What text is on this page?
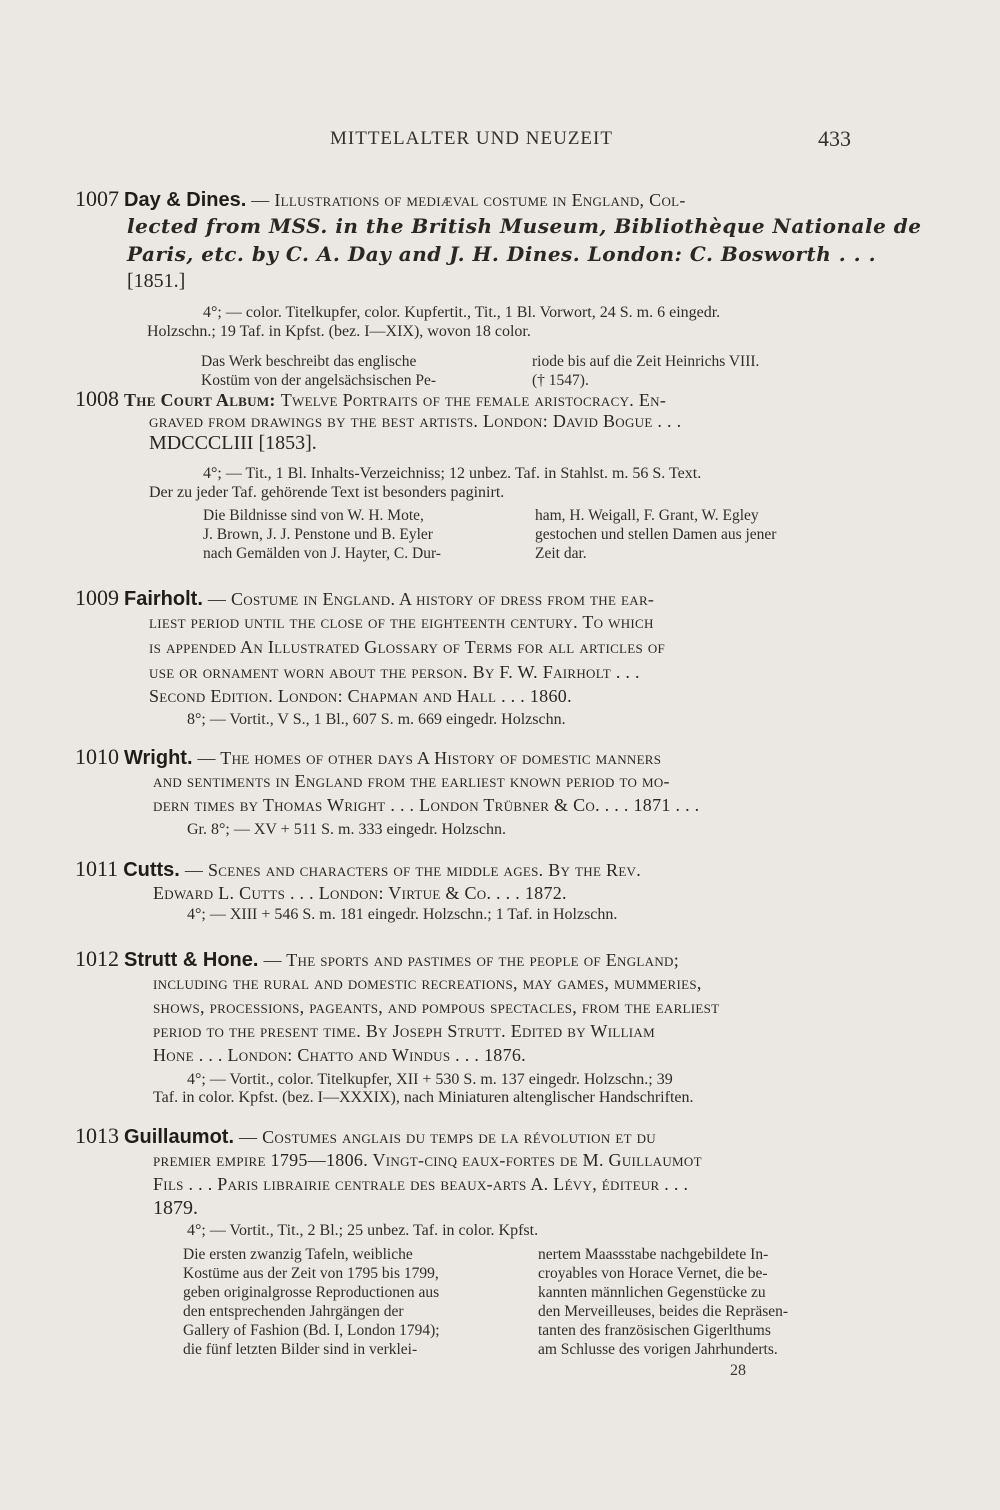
MITTELALTER UND NEUZEIT	433
1007 Day & Dines. — Illustrations of mediæval costume in England, Col-
lected from MSS. in the British Museum, Bibliothèque Nationale de
Paris, etc. by C. A. Day and J. H. Dines. London: C. Bosworth . . .
[1851.]
4°; — color. Titelkupfer, color. Kupfertit., Tit., 1 Bl. Vorwort, 24 S. m. 6 eingedr.
Holzschn.; 19 Taf. in Kpfst. (bez. I—XIX), wovon 18 color.
Das Werk beschreibt das englische
Kostüm von der angelsächsischen Pe-
riode bis auf die Zeit Heinrichs VIII.
(† 1547).
1008 The Court Album: Twelve Portraits of the female aristocracy. En-
graved from drawings by the best artists. London: David Bogue . . .
MDCCCLIII [1853].
4°; — Tit., 1 Bl. Inhalts-Verzeichniss; 12 unbez. Taf. in Stahlst. m. 56 S. Text.
Der zu jeder Taf. gehörende Text ist besonders paginirt.
Die Bildnisse sind von W. H. Mote,
J. Brown, J. J. Penstone und B. Eyler
nach Gemälden von J. Hayter, C. Dur-
ham, H. Weigall, F. Grant, W. Egley
gestochen und stellen Damen aus jener
Zeit dar.
1009 Fairholt. — Costume in England. A history of dress from the ear-
liest period until the close of the eighteenth century. To which
is appended An Illustrated Glossary of Terms for all articles of
use or ornament worn about the person. By F. W. Fairholt . . .
Second Edition. London: Chapman and Hall . . . 1860.
8°; — Vortit., V S., 1 Bl., 607 S. m. 669 eingedr. Holzschn.
1010 Wright. — The homes of other days A History of domestic manners
and sentiments in England from the earliest known period to mo-
dern times by Thomas Wright . . . London Trübner & Co. . . . 1871 . . .
Gr. 8°; — XV + 511 S. m. 333 eingedr. Holzschn.
1011 Cutts. — Scenes and characters of the middle ages. By the Rev.
Edward L. Cutts . . . London: Virtue & Co. . . . 1872.
4°; — XIII + 546 S. m. 181 eingedr. Holzschn.; 1 Taf. in Holzschn.
1012 Strutt & Hone. — The sports and pastimes of the people of England;
including the rural and domestic recreations, may games, mummeries,
shows, processions, pageants, and pompous spectacles, from the earliest
period to the present time. By Joseph Strutt. Edited by William
Hone . . . London: Chatto and Windus . . . 1876.
4°; — Vortit., color. Titelkupfer, XII + 530 S. m. 137 eingedr. Holzschn.; 39
Taf. in color. Kpfst. (bez. I—XXXIX), nach Miniaturen altenglischer Handschriften.
1013 Guillaumot. — Costumes anglais du temps de la révolution et du
premier empire 1795—1806. Vingt-cinq eaux-fortes de M. Guillaumot
Fils . . . Paris librairie centrale des beaux-arts A. Lévy, éditeur . . .
1879.
4°; — Vortit., Tit., 2 Bl.; 25 unbez. Taf. in color. Kpfst.
Die ersten zwanzig Tafeln, weibliche
Kostüme aus der Zeit von 1795 bis 1799,
geben originalgrosse Reproductionen aus
den entsprechenden Jahrgängen der
Gallery of Fashion (Bd. I, London 1794);
die fünf letzten Bilder sind in verklei-
nertem Maassstabe nachgebildete In-
croyables von Horace Vernet, die be-
kannten männlichen Gegenstücke zu
den Merveilleuses, beides die Repräsen-
tanten des französischen Gigerlthums
am Schlusse des vorigen Jahrhunderts.
28
